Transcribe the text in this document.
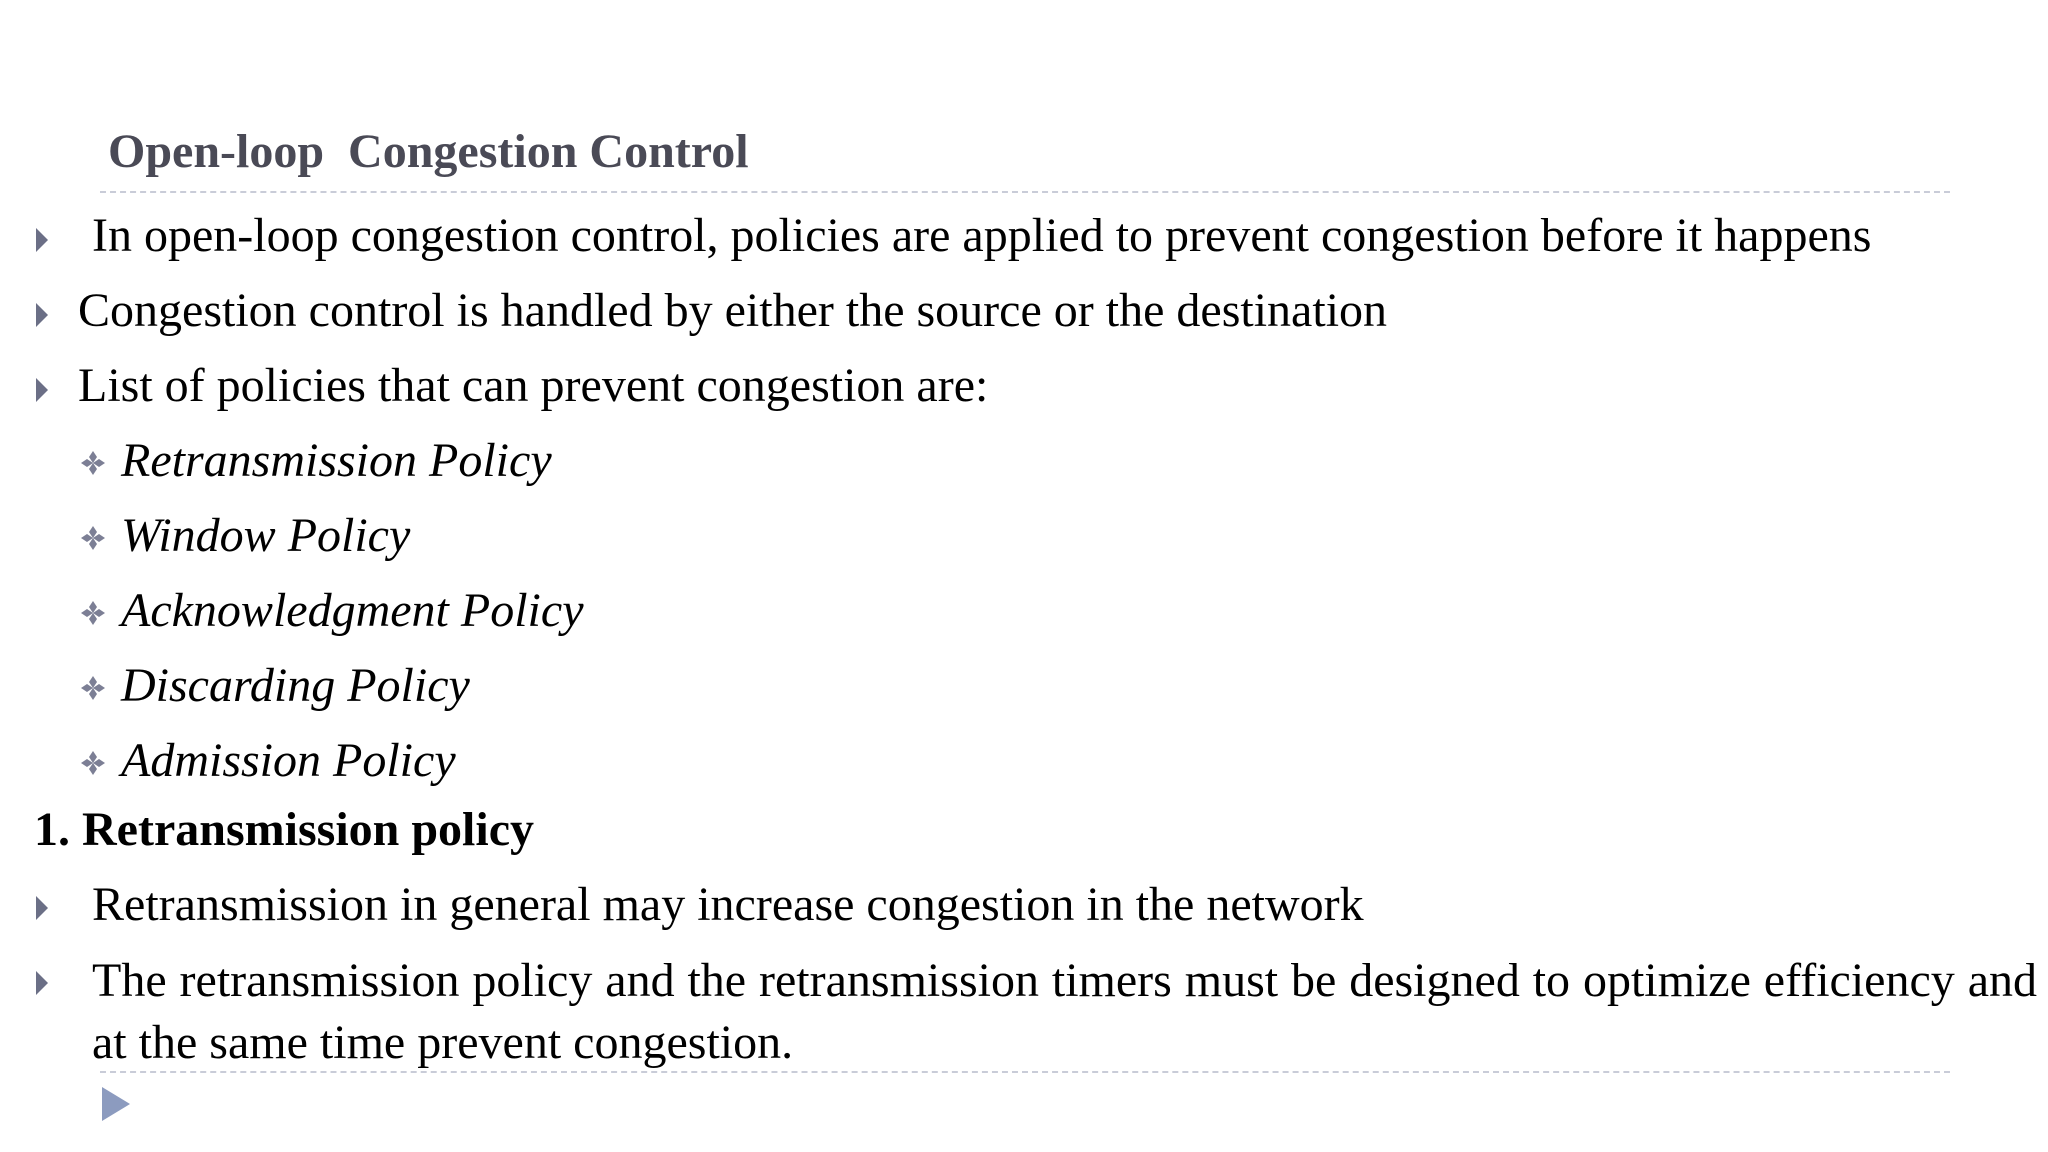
Open-loop  Congestion Control
In open-loop congestion control, policies are applied to prevent congestion before it happens
Congestion control is handled by either the source or the destination
List of policies that can prevent congestion are:
Retransmission Policy
Window Policy
Acknowledgment Policy
Discarding Policy
Admission Policy
1. Retransmission policy
Retransmission in general may increase congestion in the network
The retransmission policy and the retransmission timers must be designed to optimize efficiency and at the same time prevent congestion.
